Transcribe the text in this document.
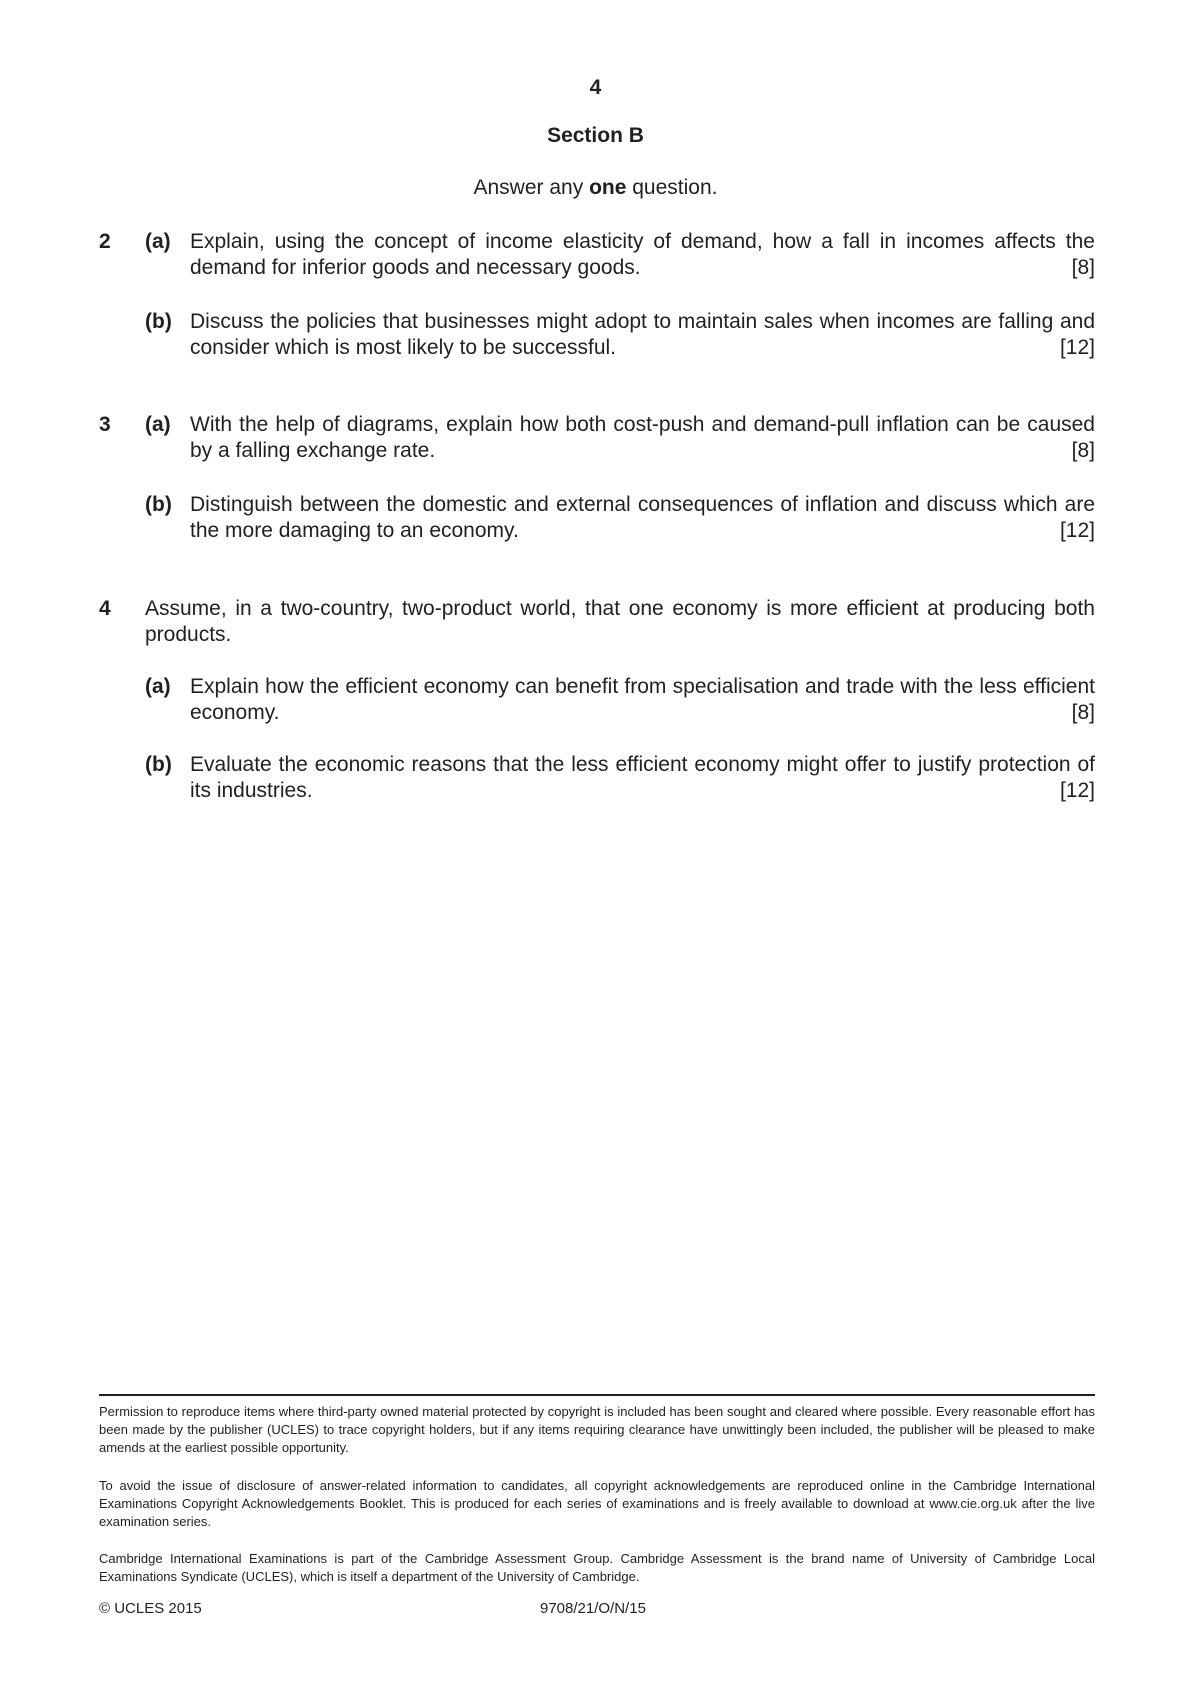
4
Section B
Answer any one question.
2 (a) Explain, using the concept of income elasticity of demand, how a fall in incomes affects the demand for inferior goods and necessary goods.	[8]
(b) Discuss the policies that businesses might adopt to maintain sales when incomes are falling and consider which is most likely to be successful.	[12]
3 (a) With the help of diagrams, explain how both cost-push and demand-pull inflation can be caused by a falling exchange rate.	[8]
(b) Distinguish between the domestic and external consequences of inflation and discuss which are the more damaging to an economy.	[12]
4 Assume, in a two-country, two-product world, that one economy is more efficient at producing both products.
(a) Explain how the efficient economy can benefit from specialisation and trade with the less efficient economy.	[8]
(b) Evaluate the economic reasons that the less efficient economy might offer to justify protection of its industries.	[12]
Permission to reproduce items where third-party owned material protected by copyright is included has been sought and cleared where possible. Every reasonable effort has been made by the publisher (UCLES) to trace copyright holders, but if any items requiring clearance have unwittingly been included, the publisher will be pleased to make amends at the earliest possible opportunity.
To avoid the issue of disclosure of answer-related information to candidates, all copyright acknowledgements are reproduced online in the Cambridge International Examinations Copyright Acknowledgements Booklet. This is produced for each series of examinations and is freely available to download at www.cie.org.uk after the live examination series.
Cambridge International Examinations is part of the Cambridge Assessment Group. Cambridge Assessment is the brand name of University of Cambridge Local Examinations Syndicate (UCLES), which is itself a department of the University of Cambridge.
© UCLES 2015	9708/21/O/N/15
